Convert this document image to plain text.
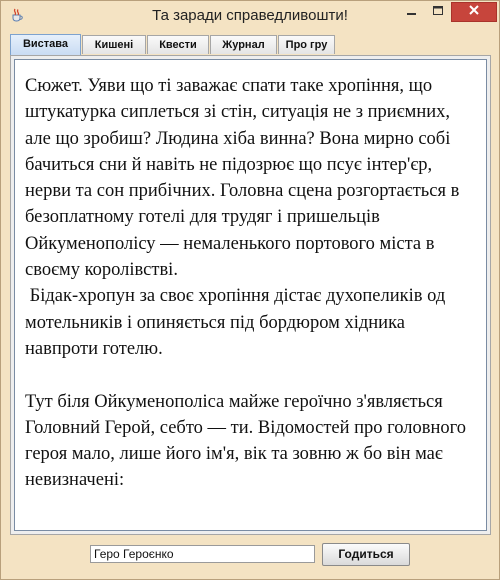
Та заради справедливошти!
Вистава	Кишені	Квести	Журнал	Про гру
Сюжет. Уяви що ті заважає спати таке хропіння, що штукатурка сиплеться зі стін, ситуація не з приємних, але що зробиш? Людина хіба винна? Вона мирно собі бачиться сни й навіть не підозрює що псує інтер'єр, нерви та сон прибічних. Головна сцена розгортається в безоплатному готелі для трудяг і пришельців Ойкуменополісу — немаленького портового міста в своєму королівстві.
Бідак-хропун за своє хропіння дістає духопеликів од мотельників і опиняється під бордюром хідника навпроти готелю.

Тут біля Ойкуменополіса майже героїчно з'являється Головний Герой, себто — ти. Відомостей про головного героя мало, лише його ім'я, вік та зовню ж бо він має невизначені:
Геро Героєнко
Годиться
